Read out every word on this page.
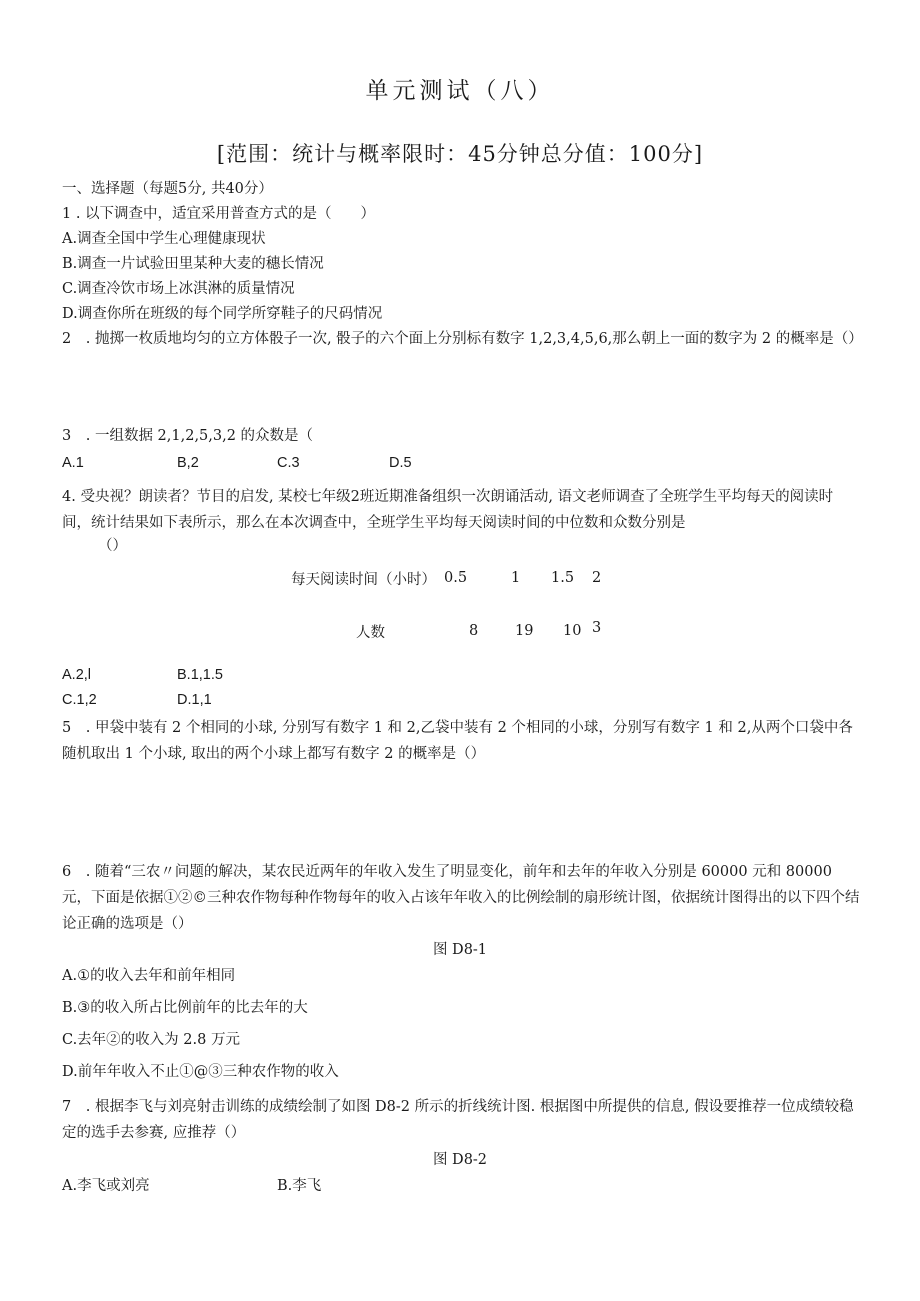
单元测试（八）
[范围：统计与概率限时：45分钟总分值：100分]
一、选择题（每题5分, 共40分）
1 . 以下调查中，适宜采用普查方式的是（　　）
A.调查全国中学生心理健康现状
B.调查一片试验田里某种大麦的穗长情况
C.调查冷饮市场上冰淇淋的质量情况
D.调查你所在班级的每个同学所穿鞋子的尺码情况
2　. 抛掷一枚质地均匀的立方体骰子一次, 骰子的六个面上分别标有数字 1,2,3,4,5,6,那么朝上一面的数字为 2 的概率是（）
3　. 一组数据 2,1,2,5,3,2 的众数是（
A.1	B,2	C.3	D.5
4. 受央视？朗读者？节目的启发, 某校七年级2班近期准备组织一次朗诵活动, 语文老师调查了全班学生平均每天的阅读时间，统计结果如下表所示，那么在本次调查中，全班学生平均每天阅读时间的中位数和众数分别是
（）
每天阅读时间（小时） 0.5	1 1.5 2
人数	8	19 10 3
A.2,l	B.1,1.5
C.1,2	D.1,1
5　. 甲袋中装有 2 个相同的小球, 分别写有数字 1 和 2,乙袋中装有 2 个相同的小球，分别写有数字 1 和 2,从两个口袋中各随机取出 1 个小球, 取出的两个小球上都写有数字 2 的概率是（）
6　. 随着“三农〃问题的解决，某农民近两年的年收入发生了明显变化，前年和去年的年收入分别是 60000 元和 80000 元，下面是依据①②©三种农作物每种作物每年的收入占该年年收入的比例绘制的扇形统计图，依据统计图得出的以下四个结论正确的选项是（）
图 D8-1
A.①的收入去年和前年相同
B.③的收入所占比例前年的比去年的大
C.去年②的收入为 2.8 万元
D.前年年收入不止①@③三种农作物的收入
7　. 根据李飞与刘亮射击训练的成绩绘制了如图 D8-2 所示的折线统计图. 根据图中所提供的信息, 假设要推荐一位成绩较稳定的选手去参赛, 应推荐（）
图 D8-2
A.李飞或刘亮	B.李飞
